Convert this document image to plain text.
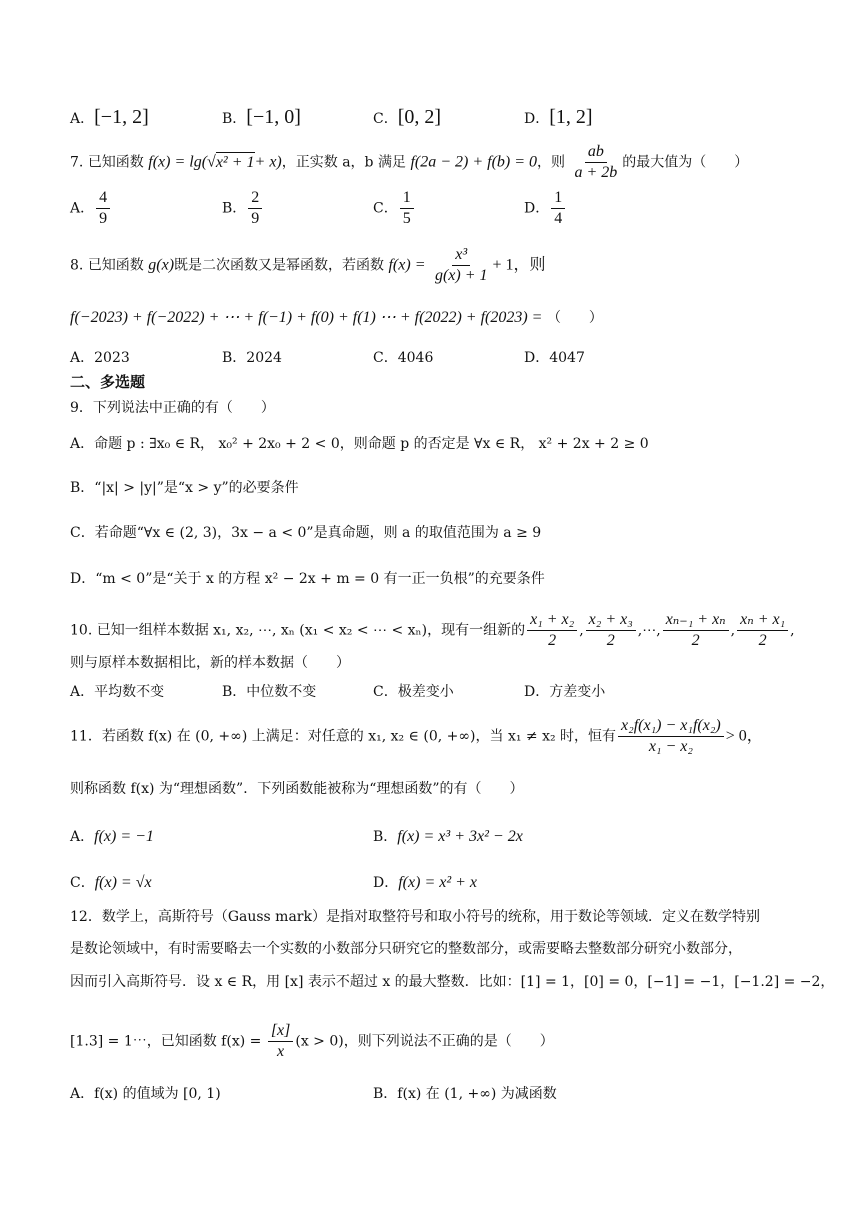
A．[−1, 2]	B．[−1, 0]	C．[0, 2]	D．[1, 2]
7. 已知函数 f(x) = lg(√x² + 1+ x)，正实数 a，b 满足 f(2a − 2) + f(b) = 0，则 $\frac{ab}{a + 2b}$ 的最大值为（　　）
A． $\frac{4}{9}$	B． $\frac{2}{9}$	C． $\frac{1}{5}$	D． $\frac{1}{4}$
8. 已知函数 g(x)既是二次函数又是幂函数，若函数 $f(x) = \frac{\text{x³}}{g(x) + 1} + 1$，则
f(−2023) + f(−2022) + ⋯ + f(−1) + f(0) + f(1) ⋯ + f(2022) + f(2023) = （　　）
A．2023	B．2024	C．4046	D．4047
二、多选题
9．下列说法中正确的有（　　）
A．命题 p : ∃x₀ ∈ R， x₀² + 2x₀ + 2 < 0，则命题 p 的否定是 ∀x ∈ R， x² + 2x + 2 ≥ 0
B．“|x| > |y|”是“x > y”的必要条件
C．若命题“∀x ∈ (2, 3)，3x − a < 0”是真命题，则 a 的取值范围为 a ≥ 9
D．“m < 0”是“关于 x 的方程 x² − 2x + m = 0 有一正一负根”的充要条件
10. 已知一组样本数据 x₁, x₂, ⋯, xₙ (x₁ < x₂ < ⋯ < xₙ)，现有一组新的 $\frac{\text{x₁ + x₂}}{2}$ , $\frac{\text{x₂ + x₃}}{2}$ ,⋯, $\frac{\text{xₙ₋₁ + xₙ}}{2}$ , $\frac{\text{xₙ + x₁}}{2}$ ,
则与原样本数据相比，新的样本数据（　　）
A．平均数不变	B．中位数不变	C．极差变小	D．方差变小
11．若函数 f(x) 在 (0, +∞) 上满足：对任意的 x₁, x₂ ∈ (0, +∞)，当 x₁ ≠ x₂ 时，恒有 $\frac{\text{x₂f(x₁) − x₁f(x₂)}}{\text{x₁ − x₂}} > 0$，
则称函数 f(x) 为“理想函数”．下列函数能被称为“理想函数”的有（　　）
A．f(x) = −1	B．f(x) = x³ + 3x² − 2x
C．f(x) = √x	D．f(x) = x² + x
12．数学上，高斯符号（Gauss mark）是指对取整符号和取小符号的统称，用于数论等领域．定义在数学特别
是数论领域中，有时需要略去一个实数的小数部分只研究它的整数部分，或需要略去整数部分研究小数部分，
因而引入高斯符号．设 x ∈ R，用 [x] 表示不超过 x 的最大整数．比如：[1] = 1，[0] = 0，[−1] = −1，[−1.2] = −2，
[1.3] = 1⋯，已知函数 $f(x) = \frac{[x]}{x} (x > 0)$，则下列说法不正确的是（　　）
A．f(x) 的值域为 [0, 1)	B．f(x) 在 (1, +∞) 为减函数
